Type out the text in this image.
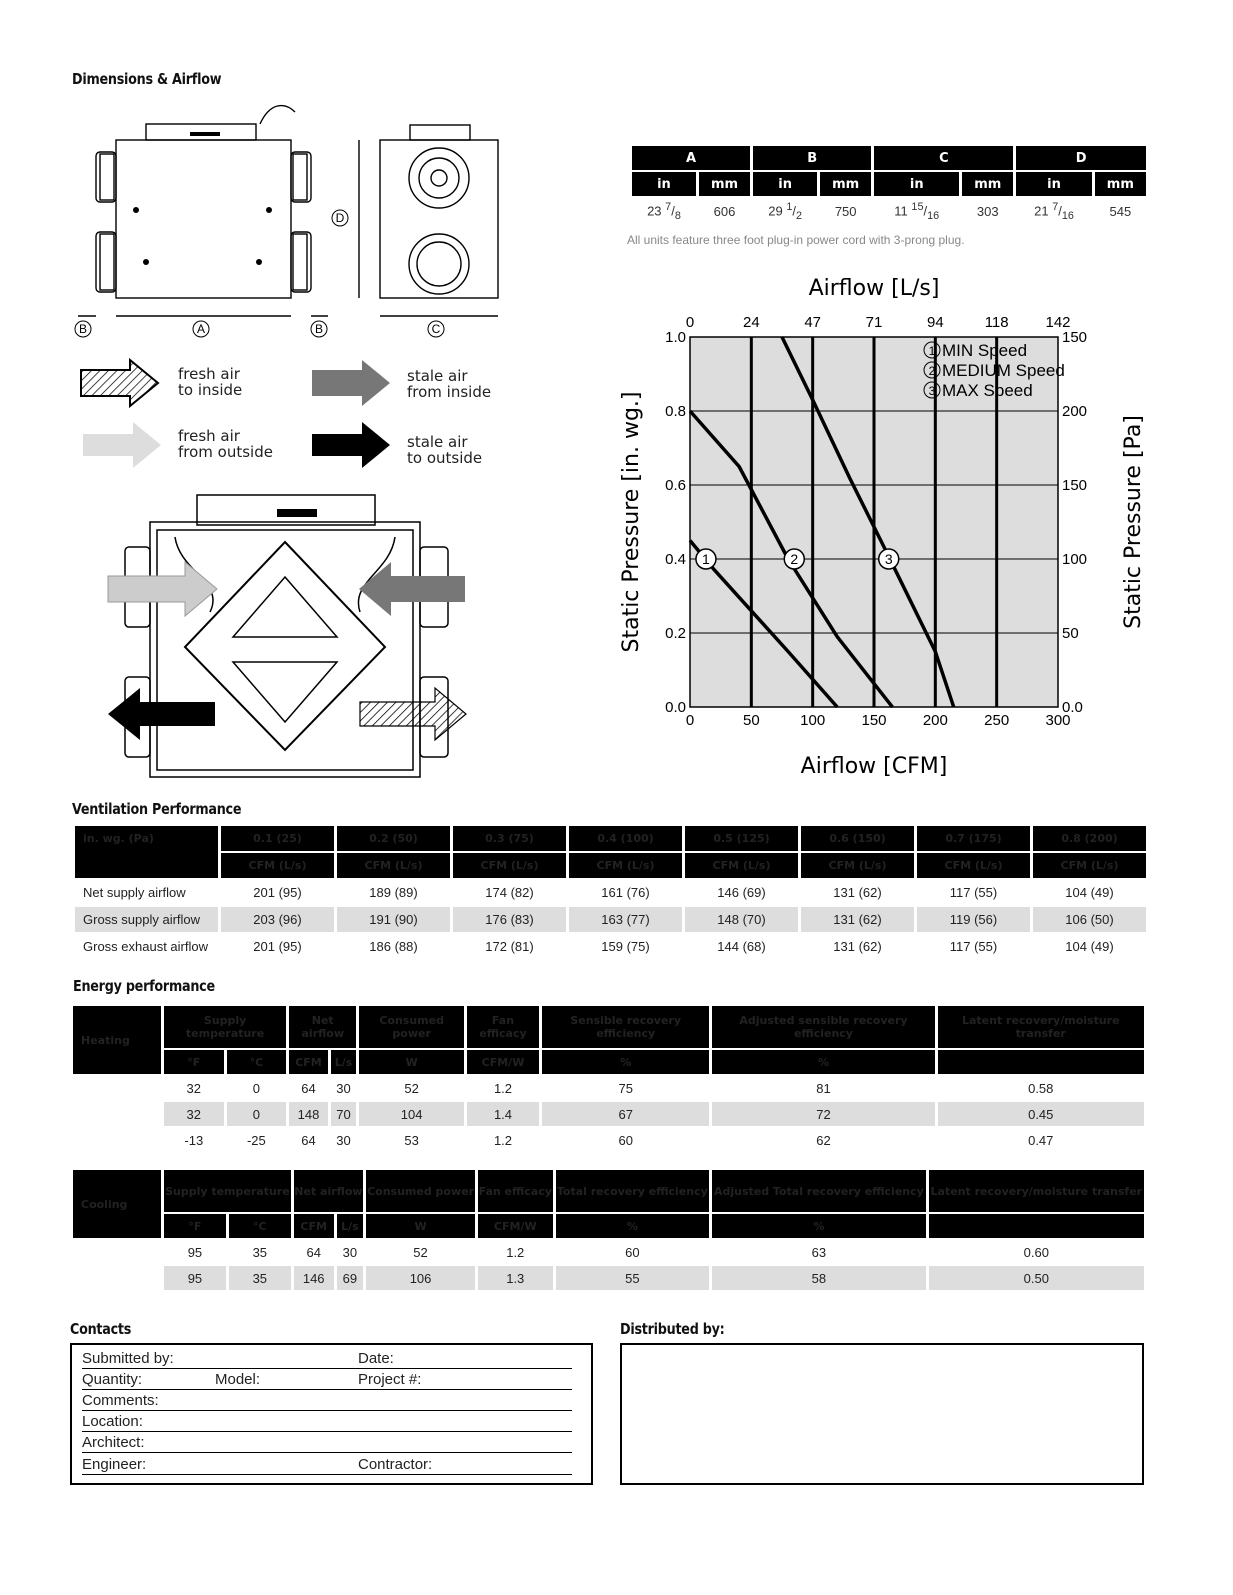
Dimensions & Airflow
Ventilation Performance
Energy performance
Contacts	Distributed by:
A
B	B	C
D
fresh air
to inside
fresh air
from outside
stale air
from inside
stale air
to outside
A		B		C		D	
in	mm	in	mm	in	mm	in	mm
23 $^7/_8$	606	29 $^1/_2$	750	11 $^{15}/_{16}$	303	21 $^7/_{16}$	545
All units feature three foot plug-in power cord with 3-prong plug.
0	50	100 150 200 250 300
0	24	47	71	94	118 142
0.0
0.2
0.4
0.6
0.8
1.0
0.0
50
100
150
200
150
1	2	3
1 MIN Speed
2 MEDIUM Speed
3 MAX Speed
Airflow [L/s]
Airflow [CFM]
Static Pressure [in. wg.]	Static Pressure [Pa]
in. wg. (Pa)	0.1 (25)	0.2 (50)	0.3 (75)	0.4 (100)	0.5 (125)	0.6 (150)	0.7 (175)	0.8 (200)
	CFM (L/s)	CFM (L/s)	CFM (L/s)	CFM (L/s)	CFM (L/s)	CFM (L/s)	CFM (L/s)	CFM (L/s)
Net supply airflow	201 (95)	189 (89)	174 (82)	161 (76)	146 (69)	131 (62)	117 (55)	104 (49)
Gross supply airflow	203 (96)	191 (90)	176 (83)	163 (77)	148 (70)	131 (62)	119 (56)	106 (50)
Gross exhaust airflow	201 (95)	186 (88)	172 (81)	159 (75)	144 (68)	131 (62)	117 (55)	104 (49)
Heating	Supply temperature		Net airflow		Consumed power	Fan efficacy	Sensible recovery efficiency	Adjusted sensible recovery efficiency	Latent recovery/moisture transfer
	°F	°C	CFM	L/s	W	CFM/W	%	%	
	32	0	64	30	52	1.2	75	81	0.58
	32	0	148	70	104	1.4	67	72	0.45
	-13	-25	64	30	53	1.2	60	62	0.47
Cooling	Supply temperature		Net airflow		Consumed power	Fan efficacy	Total recovery efficiency	Adjusted Total recovery efficiency	Latent recovery/moisture transfer
	°F	°C	CFM	L/s	W	CFM/W	%	%	
	95	35	64	30	52	1.2	60	63	0.60
	95	35	146	69	106	1.3	55	58	0.50
Submitted by:	Date:
Quantity:	Model:	Project #:
Comments:
Location:
Architect:
Engineer:	Contractor:
